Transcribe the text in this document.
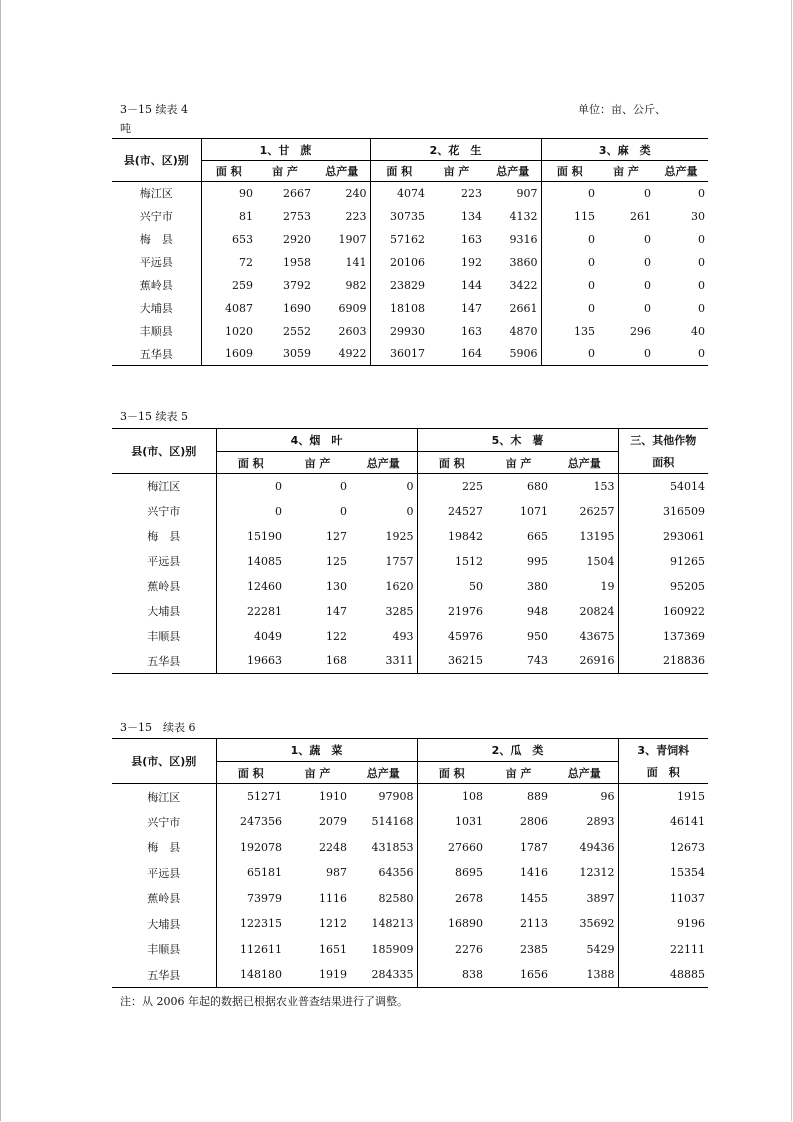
3－15 续表 4	单位：亩、公斤、
吨
县(市、区)别	1、甘　蔗			2、花　生			3、麻　类		
	面 积	亩 产	总产量	面 积	亩 产	总产量	面 积	亩 产	总产量
梅江区	90	2667	240	4074	223	907	0	0	0
兴宁市	81	2753	223	30735	134	4132	115	261	30
梅　县	653	2920	1907	57162	163	9316	0	0	0
平远县	72	1958	141	20106	192	3860	0	0	0
蕉岭县	259	3792	982	23829	144	3422	0	0	0
大埔县	4087	1690	6909	18108	147	2661	0	0	0
丰顺县	1020	2552	2603	29930	163	4870	135	296	40
五华县	1609	3059	4922	36017	164	5906	0	0	0
3－15 续表 5
县(市、区)别	4、烟　叶			5、木　薯			三、其他作物
	面 积	亩 产	总产量	面 积	亩 产	总产量	面积
梅江区	0	0	0	225	680	153	54014
兴宁市	0	0	0	24527	1071	26257	316509
梅　县	15190	127	1925	19842	665	13195	293061
平远县	14085	125	1757	1512	995	1504	91265
蕉岭县	12460	130	1620	50	380	19	95205
大埔县	22281	147	3285	21976	948	20824	160922
丰顺县	4049	122	493	45976	950	43675	137369
五华县	19663	168	3311	36215	743	26916	218836
3－15　续表 6
县(市、区)别	1、蔬　菜			2、瓜　类			3、青饲料
	面 积	亩 产	总产量	面 积	亩 产	总产量	面　积
梅江区	51271	1910	97908	108	889	96	1915
兴宁市	247356	2079	514168	1031	2806	2893	46141
梅　县	192078	2248	431853	27660	1787	49436	12673
平远县	65181	987	64356	8695	1416	12312	15354
蕉岭县	73979	1116	82580	2678	1455	3897	11037
大埔县	122315	1212	148213	16890	2113	35692	9196
丰顺县	112611	1651	185909	2276	2385	5429	22111
五华县	148180	1919	284335	838	1656	1388	48885
注：从 2006 年起的数据已根据农业普查结果进行了调整。
